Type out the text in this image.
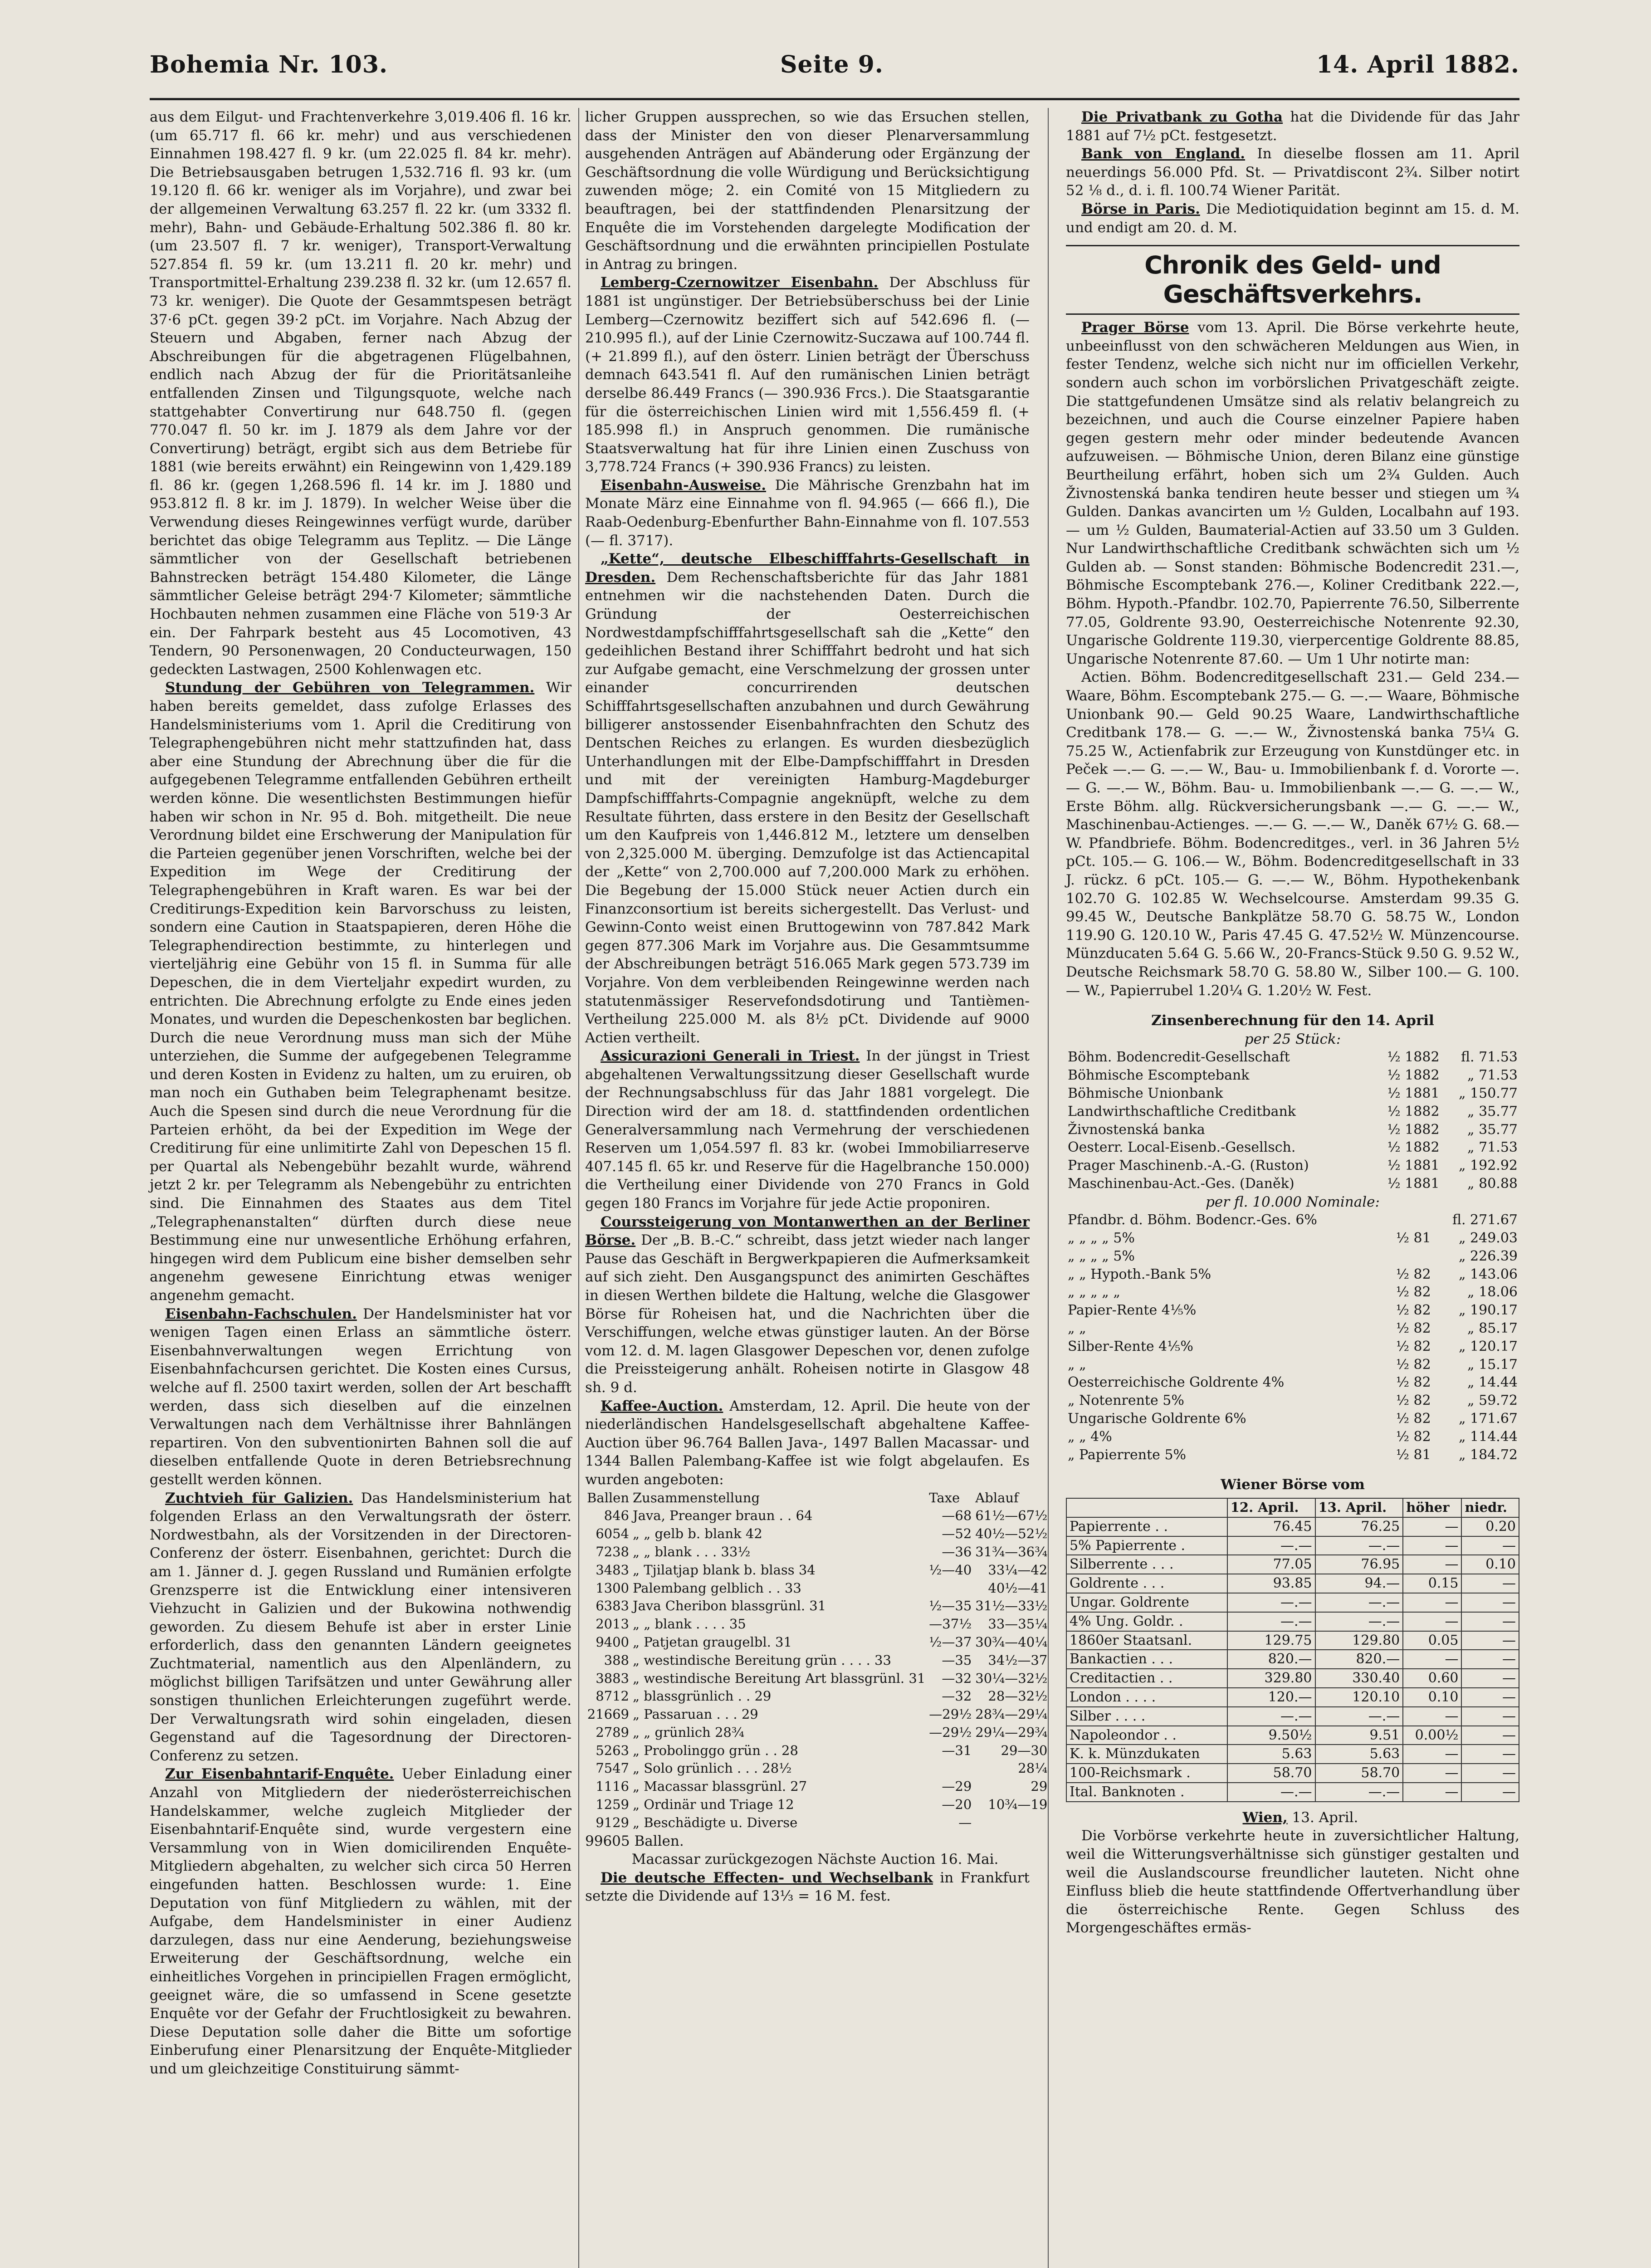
Bohemia Nr. 103.	Seite 9.	14. April 1882.

aus dem Eilgut- und Frachtenverkehre 3,019.406 fl. 16 kr. (um 65.717 fl. 66 kr. mehr) und aus verschiedenen Einnahmen 198.427 fl. 9 kr. (um 22.025 fl. 84 kr. mehr). Die Betriebsausgaben betrugen 1,532.716 fl. 93 kr. (um 19.120 fl. 66 kr. weniger als im Vorjahre), und zwar bei der allgemeinen Verwaltung 63.257 fl. 22 kr. (um 3332 fl. mehr), Bahn- und Gebäude-Erhaltung 502.386 fl. 80 kr. (um 23.507 fl. 7 kr. weniger), Transport-Verwaltung 527.854 fl. 59 kr. (um 13.211 fl. 20 kr. mehr) und Transportmittel-Erhaltung 239.238 fl. 32 kr. (um 12.657 fl. 73 kr. weniger). Die Quote der Gesammtspesen beträgt 37·6 pCt. gegen 39·2 pCt. im Vorjahre. Nach Abzug der Steuern und Abgaben, ferner nach Abzug der Abschreibungen für die abgetragenen Flügelbahnen, endlich nach Abzug der für die Prioritätsanleihe entfallenden Zinsen und Tilgungsquote, welche nach stattgehabter Convertirung nur 648.750 fl. (gegen 770.047 fl. 50 kr. im J. 1879 als dem Jahre vor der Convertirung) beträgt, ergibt sich aus dem Betriebe für 1881 (wie bereits erwähnt) ein Reingewinn von 1,429.189 fl. 86 kr. (gegen 1,268.596 fl. 14 kr. im J. 1880 und 953.812 fl. 8 kr. im J. 1879). In welcher Weise über die Verwendung dieses Reingewinnes verfügt wurde, darüber berichtet das obige Telegramm aus Teplitz. — Die Länge sämmtlicher von der Gesellschaft betriebenen Bahnstrecken beträgt 154.480 Kilometer, die Länge sämmtlicher Geleise beträgt 294·7 Kilometer; sämmtliche Hochbauten nehmen zusammen eine Fläche von 519·3 Ar ein. Der Fahrpark besteht aus 45 Locomotiven, 43 Tendern, 90 Personenwagen, 20 Conducteurwagen, 150 gedeckten Lastwagen, 2500 Kohlenwagen etc.

Stundung der Gebühren von Telegrammen. Wir haben bereits gemeldet, dass zufolge Erlasses des Handelsministeriums vom 1. April die Creditirung von Telegraphengebühren nicht mehr stattzufinden hat, dass aber eine Stundung der Abrechnung über die für die aufgegebenen Telegramme entfallenden Gebühren ertheilt werden könne. Die wesentlichsten Bestimmungen hiefür haben wir schon in Nr. 95 d. Boh. mitgetheilt. Die neue Verordnung bildet eine Erschwerung der Manipulation für die Parteien gegenüber jenen Vorschriften, welche bei der Expedition im Wege der Creditirung der Telegraphengebühren in Kraft waren. Es war bei der Creditirungs-Expedition kein Barvorschuss zu leisten, sondern eine Caution in Staatspapieren, deren Höhe die Telegraphendirection bestimmte, zu hinterlegen und vierteljährig eine Gebühr von 15 fl. in Summa für alle Depeschen, die in dem Vierteljahr expedirt wurden, zu entrichten. Die Abrechnung erfolgte zu Ende eines jeden Monates, und wurden die Depeschenkosten bar beglichen. Durch die neue Verordnung muss man sich der Mühe unterziehen, die Summe der aufgegebenen Telegramme und deren Kosten in Evidenz zu halten, um zu eruiren, ob man noch ein Guthaben beim Telegraphenamt besitze. Auch die Spesen sind durch die neue Verordnung für die Parteien erhöht, da bei der Expedition im Wege der Creditirung für eine unlimitirte Zahl von Depeschen 15 fl. per Quartal als Nebengebühr bezahlt wurde, während jetzt 2 kr. per Telegramm als Nebengebühr zu entrichten sind. Die Einnahmen des Staates aus dem Titel „Telegraphenanstalten“ dürften durch diese neue Bestimmung eine nur unwesentliche Erhöhung erfahren, hingegen wird dem Publicum eine bisher demselben sehr angenehm gewesene Einrichtung etwas weniger angenehm gemacht.

Eisenbahn-Fachschulen. Der Handelsminister hat vor wenigen Tagen einen Erlass an sämmtliche österr. Eisenbahnverwaltungen wegen Errichtung von Eisenbahnfachcursen gerichtet. Die Kosten eines Cursus, welche auf fl. 2500 taxirt werden, sollen der Art beschafft werden, dass sich dieselben auf die einzelnen Verwaltungen nach dem Verhältnisse ihrer Bahnlängen repartiren. Von den subventionirten Bahnen soll die auf dieselben entfallende Quote in deren Betriebsrechnung gestellt werden können.

Zuchtvieh für Galizien. Das Handelsministerium hat folgenden Erlass an den Verwaltungsrath der österr. Nordwestbahn, als der Vorsitzenden in der Directoren-Conferenz der österr. Eisenbahnen, gerichtet: Durch die am 1. Jänner d. J. gegen Russland und Rumänien erfolgte Grenzsperre ist die Entwicklung einer intensiveren Viehzucht in Galizien und der Bukowina nothwendig geworden. Zu diesem Behufe ist aber in erster Linie erforderlich, dass den genannten Ländern geeignetes Zuchtmaterial, namentlich aus den Alpenländern, zu möglichst billigen Tarifsätzen und unter Gewährung aller sonstigen thunlichen Erleichterungen zugeführt werde. Der Verwaltungsrath wird sohin eingeladen, diesen Gegenstand auf die Tagesordnung der Directoren-Conferenz zu setzen.

Zur Eisenbahntarif-Enquête. Ueber Einladung einer Anzahl von Mitgliedern der niederösterreichischen Handelskammer, welche zugleich Mitglieder der Eisenbahntarif-Enquête sind, wurde vergestern eine Versammlung von in Wien domicilirenden Enquête-Mitgliedern abgehalten, zu welcher sich circa 50 Herren eingefunden hatten. Beschlossen wurde: 1. Eine Deputation von fünf Mitgliedern zu wählen, mit der Aufgabe, dem Handelsminister in einer Audienz darzulegen, dass nur eine Aenderung, beziehungsweise Erweiterung der Geschäftsordnung, welche ein einheitliches Vorgehen in principiellen Fragen ermöglicht, geeignet wäre, die so umfassend in Scene gesetzte Enquête vor der Gefahr der Fruchtlosigkeit zu bewahren. Diese Deputation solle daher die Bitte um sofortige Einberufung einer Plenarsitzung der Enquête-Mitglieder und um gleichzeitige Constituirung sämmt-

licher Gruppen aussprechen, so wie das Ersuchen stellen, dass der Minister den von dieser Plenarversammlung ausgehenden Anträgen auf Abänderung oder Ergänzung der Geschäftsordnung die volle Würdigung und Berücksichtigung zuwenden möge; 2. ein Comité von 15 Mitgliedern zu beauftragen, bei der stattfindenden Plenarsitzung der Enquête die im Vorstehenden dargelegte Modification der Geschäftsordnung und die erwähnten principiellen Postulate in Antrag zu bringen.

Lemberg-Czernowitzer Eisenbahn. Der Abschluss für 1881 ist ungünstiger. Der Betriebsüberschuss bei der Linie Lemberg—Czernowitz beziffert sich auf 542.696 fl. (— 210.995 fl.), auf der Linie Czernowitz-Suczawa auf 100.744 fl. (+ 21.899 fl.), auf den österr. Linien beträgt der Überschuss demnach 643.541 fl. Auf den rumänischen Linien beträgt derselbe 86.449 Francs (— 390.936 Frcs.). Die Staatsgarantie für die österreichischen Linien wird mit 1,556.459 fl. (+ 185.998 fl.) in Anspruch genommen. Die rumänische Staatsverwaltung hat für ihre Linien einen Zuschuss von 3,778.724 Francs (+ 390.936 Francs) zu leisten.

Eisenbahn-Ausweise. Die Mährische Grenzbahn hat im Monate März eine Einnahme von fl. 94.965 (— 666 fl.), Die Raab-Oedenburg-Ebenfurther Bahn-Einnahme von fl. 107.553 (— fl. 3717).

„Kette“, deutsche Elbeschifffahrts-Gesellschaft in Dresden. Dem Rechenschaftsberichte für das Jahr 1881 entnehmen wir die nachstehenden Daten. Durch die Gründung der Oesterreichischen Nordwestdampfschifffahrtsgesellschaft sah die „Kette“ den gedeihlichen Bestand ihrer Schifffahrt bedroht und hat sich zur Aufgabe gemacht, eine Verschmelzung der grossen unter einander concurrirenden deutschen Schifffahrtsgesellschaften anzubahnen und durch Gewährung billigerer anstossender Eisenbahnfrachten den Schutz des Dentschen Reiches zu erlangen. Es wurden diesbezüglich Unterhandlungen mit der Elbe-Dampfschifffahrt in Dresden und mit der vereinigten Hamburg-Magdeburger Dampfschifffahrts-Compagnie angeknüpft, welche zu dem Resultate führten, dass erstere in den Besitz der Gesellschaft um den Kaufpreis von 1,446.812 M., letztere um denselben von 2,325.000 M. überging. Demzufolge ist das Actiencapital der „Kette“ von 2,700.000 auf 7,200.000 Mark zu erhöhen. Die Begebung der 15.000 Stück neuer Actien durch ein Finanzconsortium ist bereits sichergestellt. Das Verlust- und Gewinn-Conto weist einen Bruttogewinn von 787.842 Mark gegen 877.306 Mark im Vorjahre aus. Die Gesammtsumme der Abschreibungen beträgt 516.065 Mark gegen 573.739 im Vorjahre. Von dem verbleibenden Reingewinne werden nach statutenmässiger Reservefondsdotirung und Tantièmen-Vertheilung 225.000 M. als 8½ pCt. Dividende auf 9000 Actien vertheilt.

Assicurazioni Generali in Triest. In der jüngst in Triest abgehaltenen Verwaltungssitzung dieser Gesellschaft wurde der Rechnungsabschluss für das Jahr 1881 vorgelegt. Die Direction wird der am 18. d. stattfindenden ordentlichen Generalversammlung nach Vermehrung der verschiedenen Reserven um 1,054.597 fl. 83 kr. (wobei Immobiliarreserve 407.145 fl. 65 kr. und Reserve für die Hagelbranche 150.000) die Vertheilung einer Dividende von 270 Francs in Gold gegen 180 Francs im Vorjahre für jede Actie proponiren.

Courssteigerung von Montanwerthen an der Berliner Börse. Der „B. B.-C.“ schreibt, dass jetzt wieder nach langer Pause das Geschäft in Bergwerkpapieren die Aufmerksamkeit auf sich zieht. Den Ausgangspunct des animirten Geschäftes in diesen Werthen bildete die Haltung, welche die Glasgower Börse für Roheisen hat, und die Nachrichten über die Verschiffungen, welche etwas günstiger lauten. An der Börse vom 12. d. M. lagen Glasgower Depeschen vor, denen zufolge die Preissteigerung anhält. Roheisen notirte in Glasgow 48 sh. 9 d.

Kaffee-Auction. Amsterdam, 12. April. Die heute von der niederländischen Handelsgesellschaft abgehaltene Kaffee-Auction über 96.764 Ballen Java-, 1497 Ballen Macassar- und 1344 Ballen Palembang-Kaffee ist wie folgt abgelaufen. Es wurden angeboten:

Ballen	Zusammenstellung	Taxe	Ablauf
846	Java, Preanger braun . . 64	—68	61½—67½
6054	„ „ gelb b. blank 42	—52	40½—52½
7238	„ „ blank . . . 33½	—36	31¾—36¾
3483	„ Tjilatjap blank b. blass 34	½—40	33¼—42
1300	Palembang gelblich . . 33		40½—41
6383	Java Cheribon blassgrünl. 31	½—35	31½—33½
2013	„ „ blank . . . . 35	—37½	33—35¼
9400	„ Patjetan graugelbl. 31	½—37	30¾—40¼
388	„ westindische Bereitung grün . . . . 33	—35	34½—37
3883	„ westindische Bereitung Art blassgrünl. 31	—32	30¼—32½
8712	„ blassgrünlich . . 29	—32	28—32½
21669	„ Passaruan . . . 29	—29½	28¾—29¼
2789	„ „ grünlich 28¾	—29½	29¼—29¾
5263	„ Probolinggo grün . . 28	—31	29—30
7547	„ Solo grünlich . . . 28½		28¼
1116	„ Macassar blassgrünl. 27	—29	29
1259	„ Ordinär und Triage 12	—20	10¾—19
9129	„ Beschädigte u. Diverse	—	

99605 Ballen.

Macassar zurückgezogen Nächste Auction 16. Mai.

Die deutsche Effecten- und Wechselbank in Frankfurt setzte die Dividende auf 13⅓ = 16 M. fest.

Die Privatbank zu Gotha hat die Dividende für das Jahr 1881 auf 7½ pCt. festgesetzt.

Bank von England. In dieselbe flossen am 11. April neuerdings 56.000 Pfd. St. — Privatdiscont 2¾. Silber notirt 52 ⅛ d., d. i. fl. 100.74 Wiener Parität.

Börse in Paris. Die Mediotiquidation beginnt am 15. d. M. und endigt am 20. d. M.

Chronik des Geld- und Geschäftsverkehrs.

Prager Börse vom 13. April. Die Börse verkehrte heute, unbeeinflusst von den schwächeren Meldungen aus Wien, in fester Tendenz, welche sich nicht nur im officiellen Verkehr, sondern auch schon im vorbörslichen Privatgeschäft zeigte. Die stattgefundenen Umsätze sind als relativ belangreich zu bezeichnen, und auch die Course einzelner Papiere haben gegen gestern mehr oder minder bedeutende Avancen aufzuweisen. — Böhmische Union, deren Bilanz eine günstige Beurtheilung erfährt, hoben sich um 2¾ Gulden. Auch Živnostenská banka tendiren heute besser und stiegen um ¾ Gulden. Dankas avancirten um ½ Gulden, Localbahn auf 193.— um ½ Gulden, Baumaterial-Actien auf 33.50 um 3 Gulden. Nur Landwirthschaftliche Creditbank schwächten sich um ½ Gulden ab. — Sonst standen: Böhmische Bodencredit 231.—, Böhmische Escomptebank 276.—, Koliner Creditbank 222.—, Böhm. Hypoth.-Pfandbr. 102.70, Papierrente 76.50, Silberrente 77.05, Goldrente 93.90, Oesterreichische Notenrente 92.30, Ungarische Goldrente 119.30, vierpercentige Goldrente 88.85, Ungarische Notenrente 87.60. — Um 1 Uhr notirte man:

Actien. Böhm. Bodencreditgesellschaft 231.— Geld 234.— Waare, Böhm. Escomptebank 275.— G. —.— Waare, Böhmische Unionbank 90.— Geld 90.25 Waare, Landwirthschaftliche Creditbank 178.— G. —.— W., Živnostenská banka 75¼ G. 75.25 W., Actienfabrik zur Erzeugung von Kunstdünger etc. in Peček —.— G. —.— W., Bau- u. Immobilienbank f. d. Vororte —.— G. —.— W., Böhm. Bau- u. Immobilienbank —.— G. —.— W., Erste Böhm. allg. Rückversicherungsbank —.— G. —.— W., Maschinenbau-Actienges. —.— G. —.— W., Daněk 67½ G. 68.— W. Pfandbriefe. Böhm. Bodencreditges., verl. in 36 Jahren 5½ pCt. 105.— G. 106.— W., Böhm. Bodencreditgesellschaft in 33 J. rückz. 6 pCt. 105.— G. —.— W., Böhm. Hypothekenbank 102.70 G. 102.85 W. Wechselcourse. Amsterdam 99.35 G. 99.45 W., Deutsche Bankplätze 58.70 G. 58.75 W., London 119.90 G. 120.10 W., Paris 47.45 G. 47.52½ W. Münzencourse. Münzducaten 5.64 G. 5.66 W., 20-Francs-Stück 9.50 G. 9.52 W., Deutsche Reichsmark 58.70 G. 58.80 W., Silber 100.— G. 100.— W., Papierrubel 1.20¼ G. 1.20½ W. Fest.

Zinsenberechnung für den 14. April
per 25 Stück:
Böhm. Bodencredit-Gesellschaft	½ 1882	fl. 71.53
Böhmische Escomptebank	½ 1882	„ 71.53
Böhmische Unionbank	½ 1881	„ 150.77
Landwirthschaftliche Creditbank	½ 1882	„ 35.77
Živnostenská banka	½ 1882	„ 35.77
Oesterr. Local-Eisenb.-Gesellsch.	½ 1882	„ 71.53
Prager Maschinenb.-A.-G. (Ruston)	½ 1881	„ 192.92
Maschinenbau-Act.-Ges. (Daněk)	½ 1881	„ 80.88
per fl. 10.000 Nominale:
Pfandbr. d. Böhm. Bodencr.-Ges. 6%		fl. 271.67
„ „ „ „ 5%	½ 81	„ 249.03
„ „ „ „ 5%		„ 226.39
„ „ Hypoth.-Bank 5%	½ 82	„ 143.06
„ „ „ „ „	½ 82	„ 18.06
Papier-Rente 4⅕%	½ 82	„ 190.17
„ „	½ 82	„ 85.17
Silber-Rente 4⅕%	½ 82	„ 120.17
„ „	½ 82	„ 15.17
Oesterreichische Goldrente 4%	½ 82	„ 14.44
„ Notenrente 5%	½ 82	„ 59.72
Ungarische Goldrente 6%	½ 82	„ 171.67
„ „ 4%	½ 82	„ 114.44
„ Papierrente 5%	½ 81	„ 184.72
Wiener Börse vom
	12. April.	13. April.	höher	niedr.
Papierrente . .	76.45	76.25	—	0.20
5% Papierrente .	—.—	—.—	—	—
Silberrente . . .	77.05	76.95	—	0.10
Goldrente . . .	93.85	94.—	0.15	—
Ungar. Goldrente	—.—	—.—	—	—
4% Ung. Goldr. .	—.—	—.—	—	—
1860er Staatsanl.	129.75	129.80	0.05	—
Bankactien . . .	820.—	820.—	—	—
Creditactien . .	329.80	330.40	0.60	—
London . . . .	120.—	120.10	0.10	—
Silber . . . .	—.—	—.—	—	—
Napoleondor . .	9.50½	9.51	0.00½	—
K. k. Münzdukaten	5.63	5.63	—	—
100-Reichsmark .	58.70	58.70	—	—
Ital. Banknoten .	—.—	—.—	—	—

Wien, 13. April.

Die Vorbörse verkehrte heute in zuversichtlicher Haltung, weil die Witterungsverhältnisse sich günstiger gestalten und weil die Auslandscourse freundlicher lauteten. Nicht ohne Einfluss blieb die heute stattfindende Offertverhandlung über die österreichische Rente. Gegen Schluss des Morgengeschäftes ermäs-
